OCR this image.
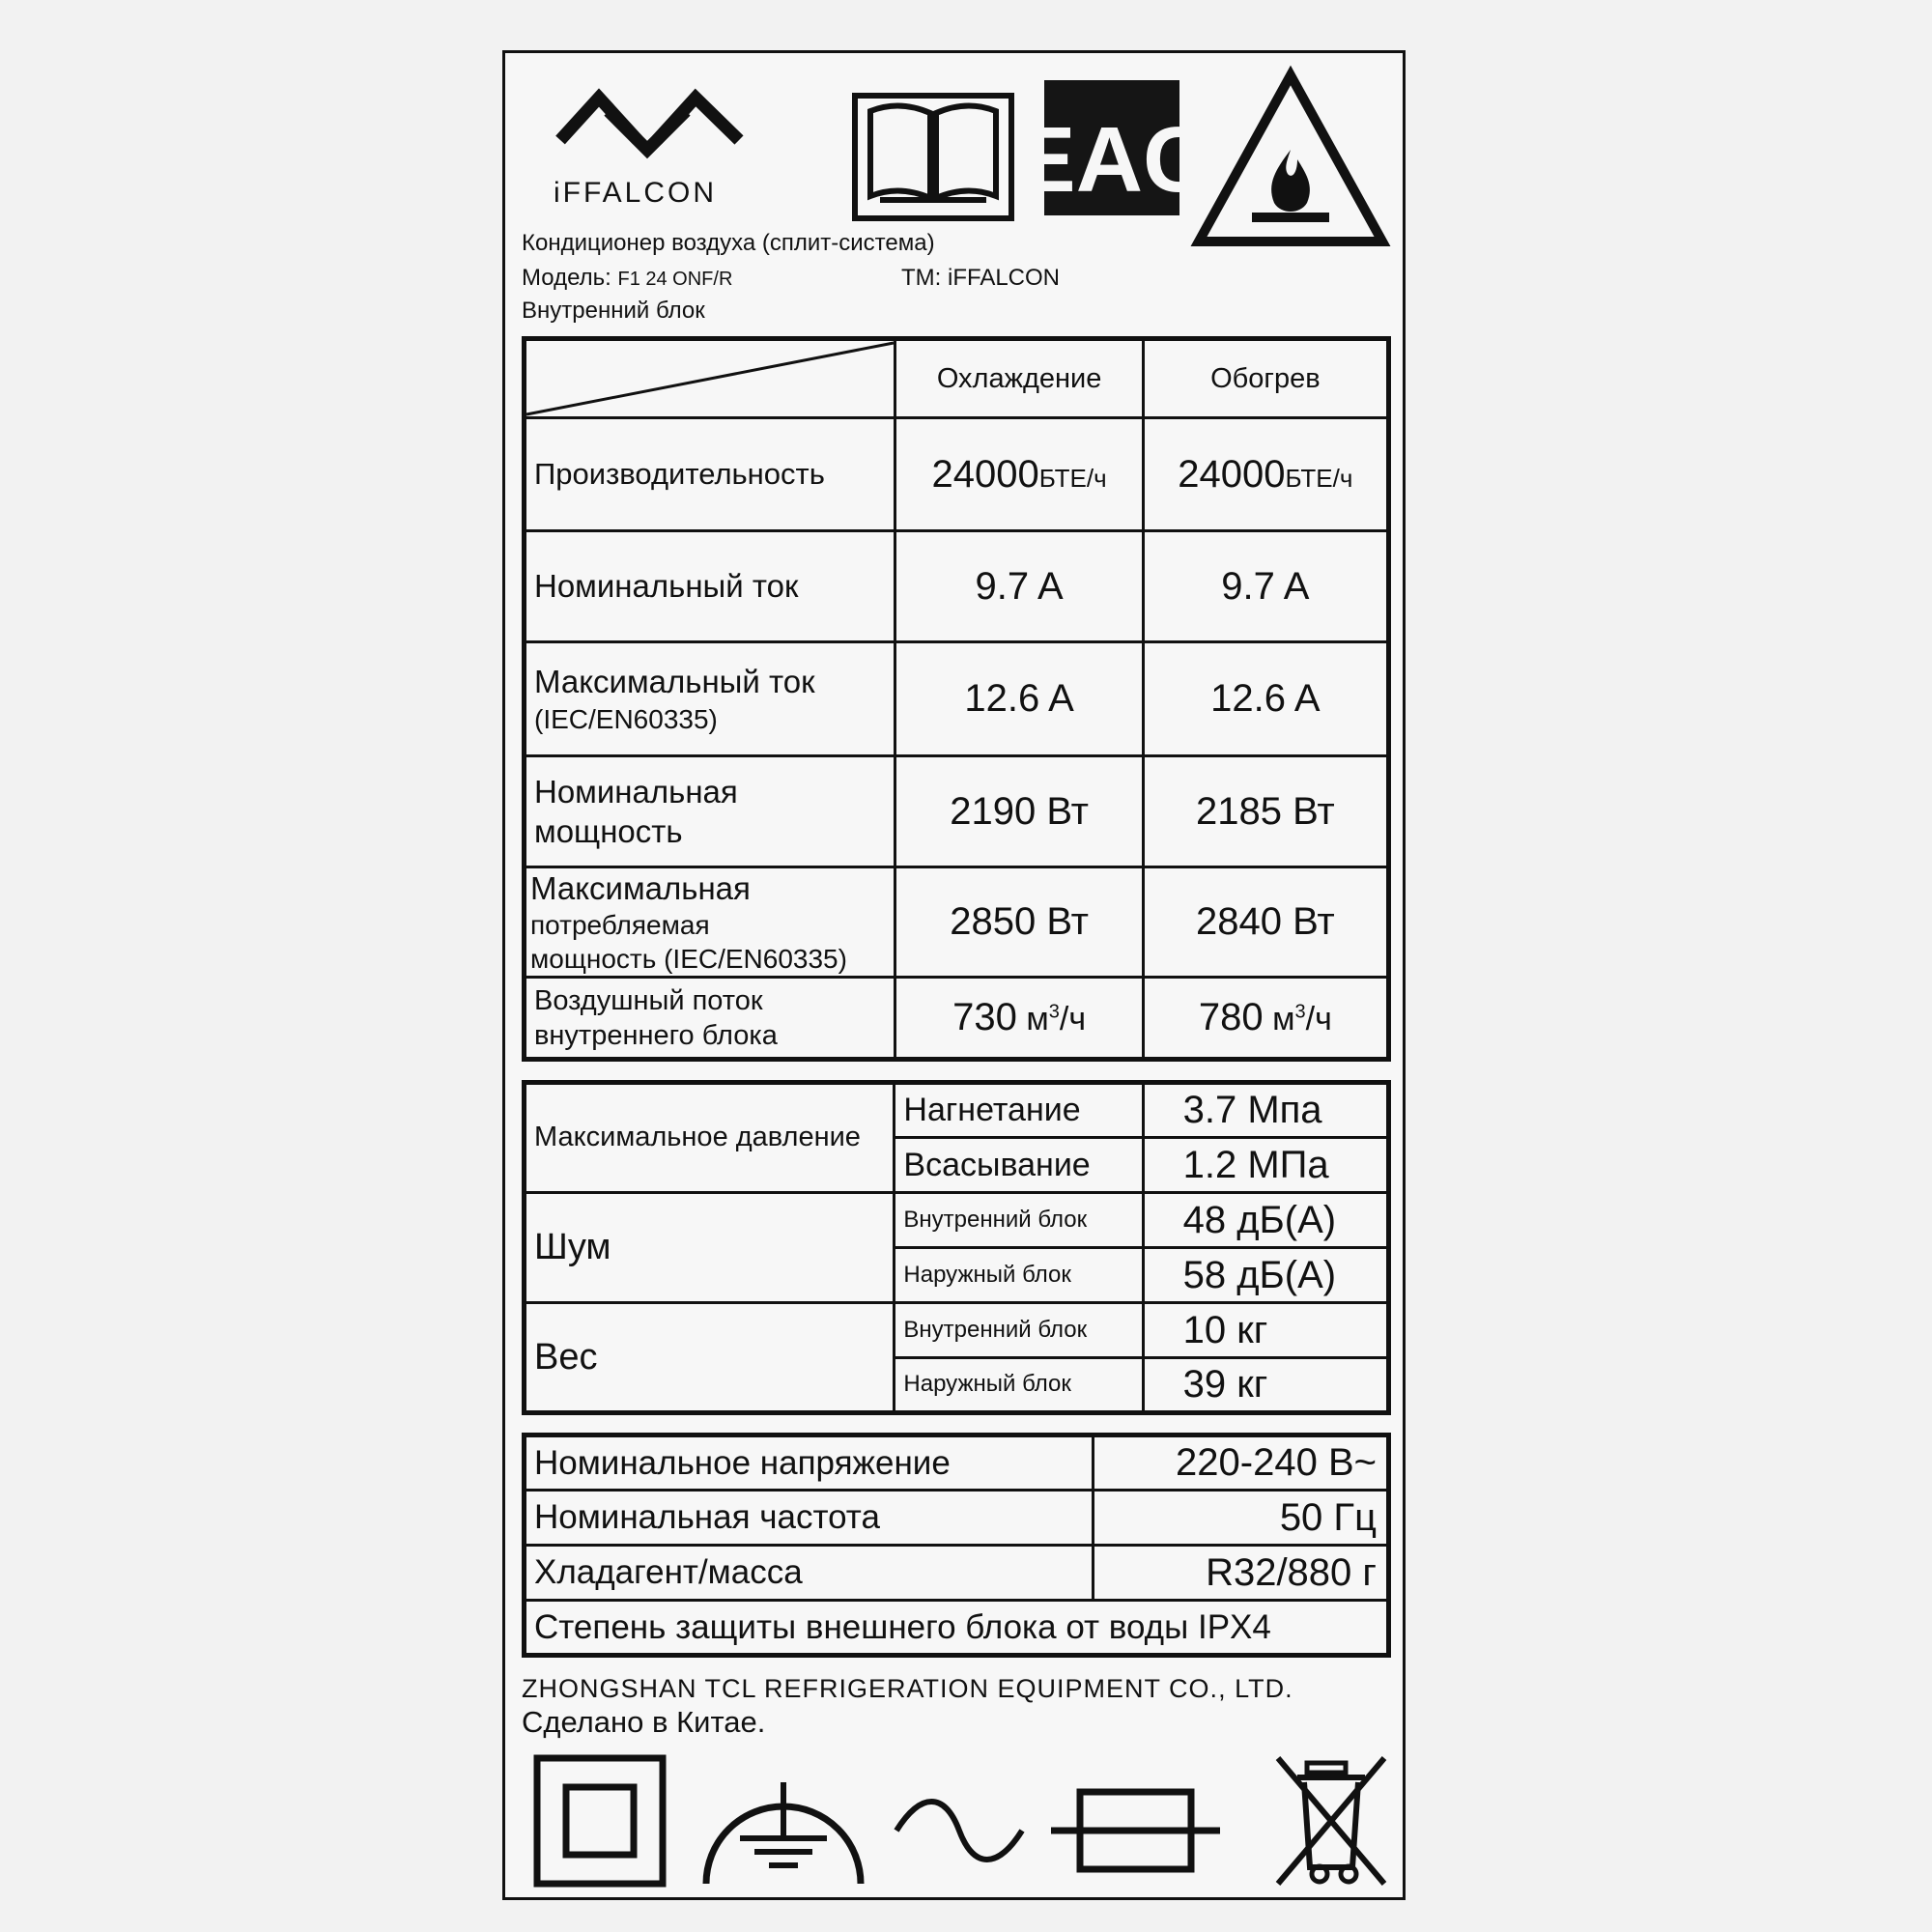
iFFALCON	EAC
Кондиционер воздуха (сплит-система)
Модель: F1 24 ONF/R	TM: iFFALCON
Внутренний блок
	Охлаждение	Обогрев
Производительность	24000БТЕ/ч	24000БТЕ/ч
Номинальный ток	9.7 A	9.7 A

Максимальный ток
(IEC/EN60335)	12.6 A	12.6 A

Номинальная
мощность	2190 Вт	2185 Вт

Максимальная
потребляемая
мощность (IEC/EN60335)	2850 Вт	2840 Вт

Воздушный поток
внутреннего блока	730 $м^3/ч$	780 $м^3/ч$
Максимальное давление	Нагнетание	3.7 Мпа
	Всасывание	1.2 МПа
Шум	Внутренний блок	48 дБ(А)
	Наружный блок	58 дБ(А)
Вес	Внутренний блок	10 кг
	Наружный блок	39 кг
Номинальное напряжение	220-240 В~
Номинальная частота	50 Гц
Хладагент/масса	R32/880 г
Степень защиты внешнего блока от воды IPX4	
ZHONGSHAN TCL REFRIGERATION EQUIPMENT CO., LTD.
Сделано в Китае.
